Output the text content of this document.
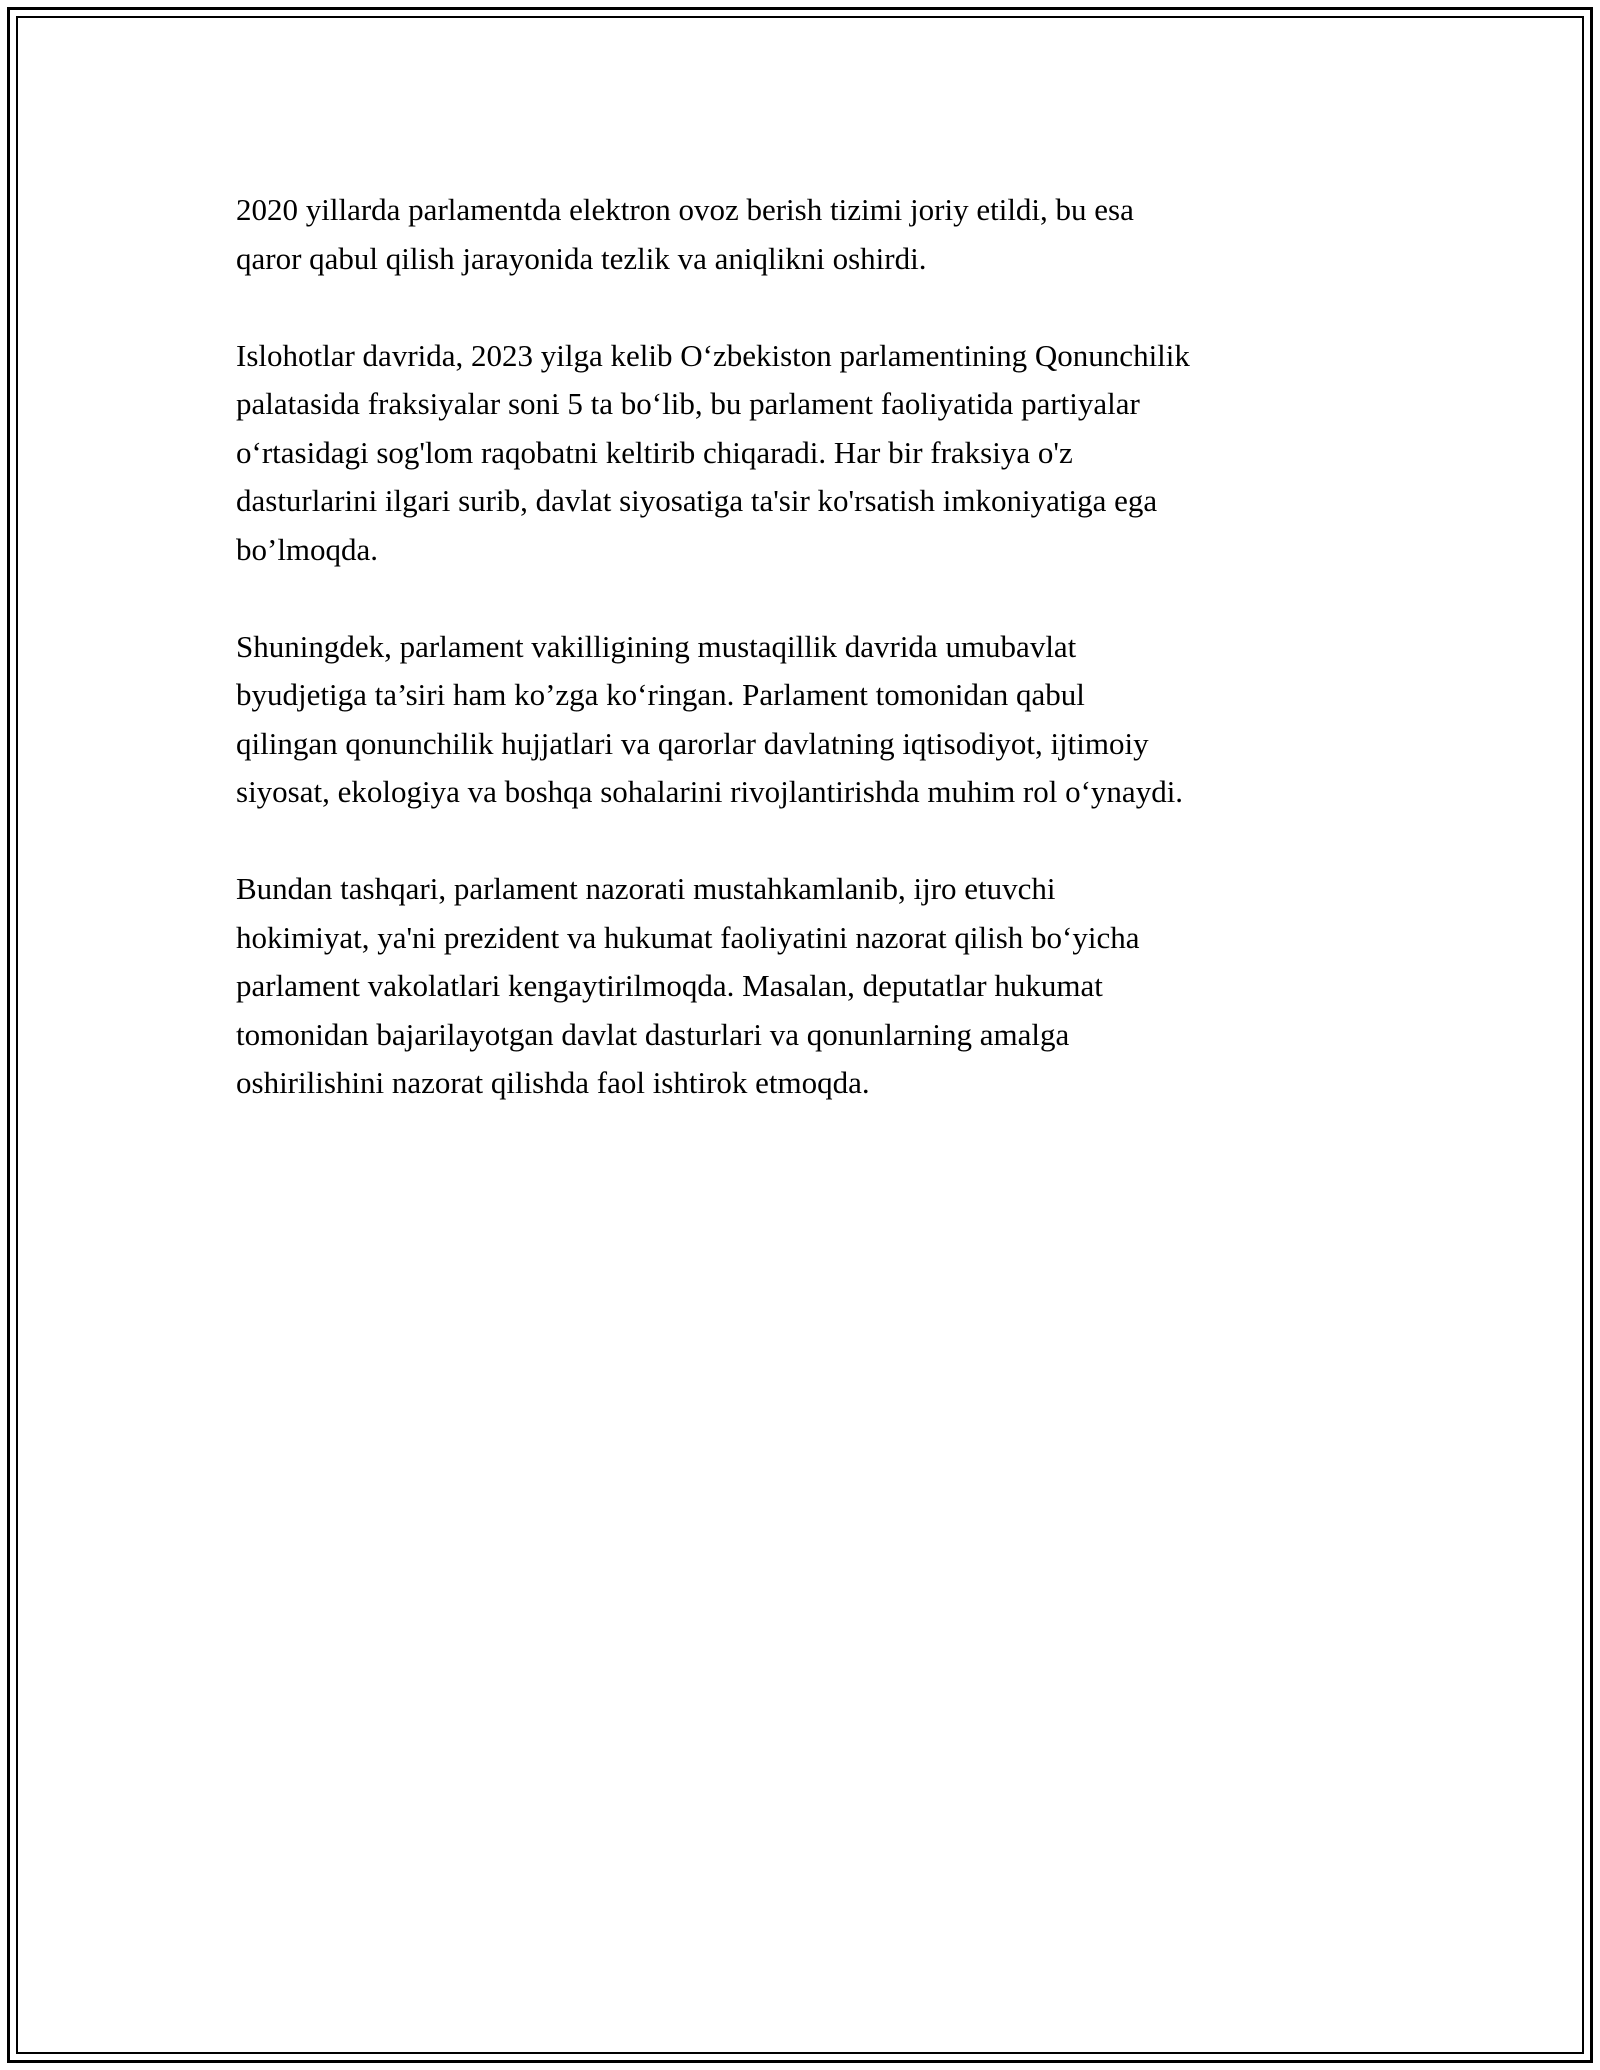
2020 yillarda parlamentda elektron ovoz berish tizimi joriy etildi, bu esa
qaror qabul qilish jarayonida tezlik va aniqlikni oshirdi.

Islohotlar davrida, 2023 yilga kelib O‘zbekiston parlamentining Qonunchilik
palatasida fraksiyalar soni 5 ta bo‘lib, bu parlament faoliyatida partiyalar
o‘rtasidagi sog'lom raqobatni keltirib chiqaradi. Har bir fraksiya o'z
dasturlarini ilgari surib, davlat siyosatiga ta'sir ko'rsatish imkoniyatiga ega
bo’lmoqda.

Shuningdek, parlament vakilligining mustaqillik davrida umubavlat
byudjetiga ta’siri ham ko’zga ko‘ringan. Parlament tomonidan qabul
qilingan qonunchilik hujjatlari va qarorlar davlatning iqtisodiyot, ijtimoiy
siyosat, ekologiya va boshqa sohalarini rivojlantirishda muhim rol o‘ynaydi.

Bundan tashqari, parlament nazorati mustahkamlanib, ijro etuvchi
hokimiyat, ya'ni prezident va hukumat faoliyatini nazorat qilish bo‘yicha
parlament vakolatlari kengaytirilmoqda. Masalan, deputatlar hukumat
tomonidan bajarilayotgan davlat dasturlari va qonunlarning amalga
oshirilishini nazorat qilishda faol ishtirok etmoqda.
